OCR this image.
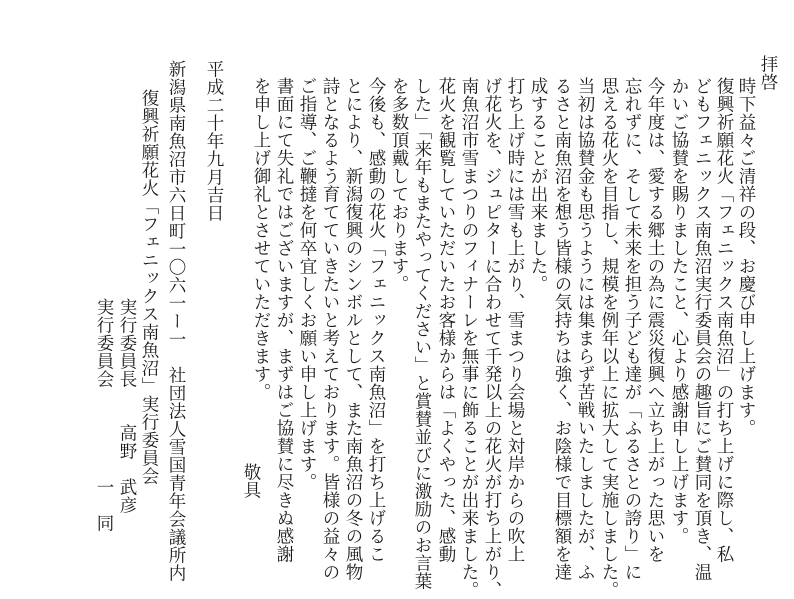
拝啓
時下益々ご清祥の段、お慶び申し上げます。
復興祈願花火「フェニックス南魚沼」の打ち上げに際し、私
どもフェニックス南魚沼実行委員会の趣旨にご賛同を頂き、温
かいご協賛を賜りましたこと、心より感謝申し上げます。
今年度は、愛する郷土の為に震災復興へ立ち上がった思いを
忘れずに、そして未来を担う子ども達が「ふるさとの誇り」に
思える花火を目指し、規模を例年以上に拡大して実施しました。
当初は協賛金も思うようには集まらず苦戦いたしましたが、ふ
るさと南魚沼を想う皆様の気持ちは強く、お陰様で目標額を達
成することが出来ました。
打ち上げ時には雪も上がり、雪まつり会場と対岸からの吹上
げ花火を、ジュピターに合わせて千発以上の花火が打ち上がり、
南魚沼市雪まつりのフィナーレを無事に飾ることが出来ました。
花火を観覧していただいたお客様からは「よくやった、感動
した」「来年もまたやってください」と賞賛並びに激励のお言葉
を多数頂戴しております。
今後も、感動の花火「フェニックス南魚沼」を打ち上げるこ
とにより、新潟復興のシンボルとして、また南魚沼の冬の風物
詩となるよう育てていきたいと考えております。皆様の益々の
ご指導、ご鞭撻を何卒宜しくお願い申し上げます。
書面にて失礼ではございますが、まずはご協賛に尽きぬ感謝
を申し上げ御礼とさせていただきます。
敬具
平成二十年九月吉日
新潟県南魚沼市六日町一〇六一ー一　社団法人雪国青年会議所内
復興祈願花火「フェニックス南魚沼」実行委員会
実行委員長　　高野　武彦
実行委員会　　　　　一　同
